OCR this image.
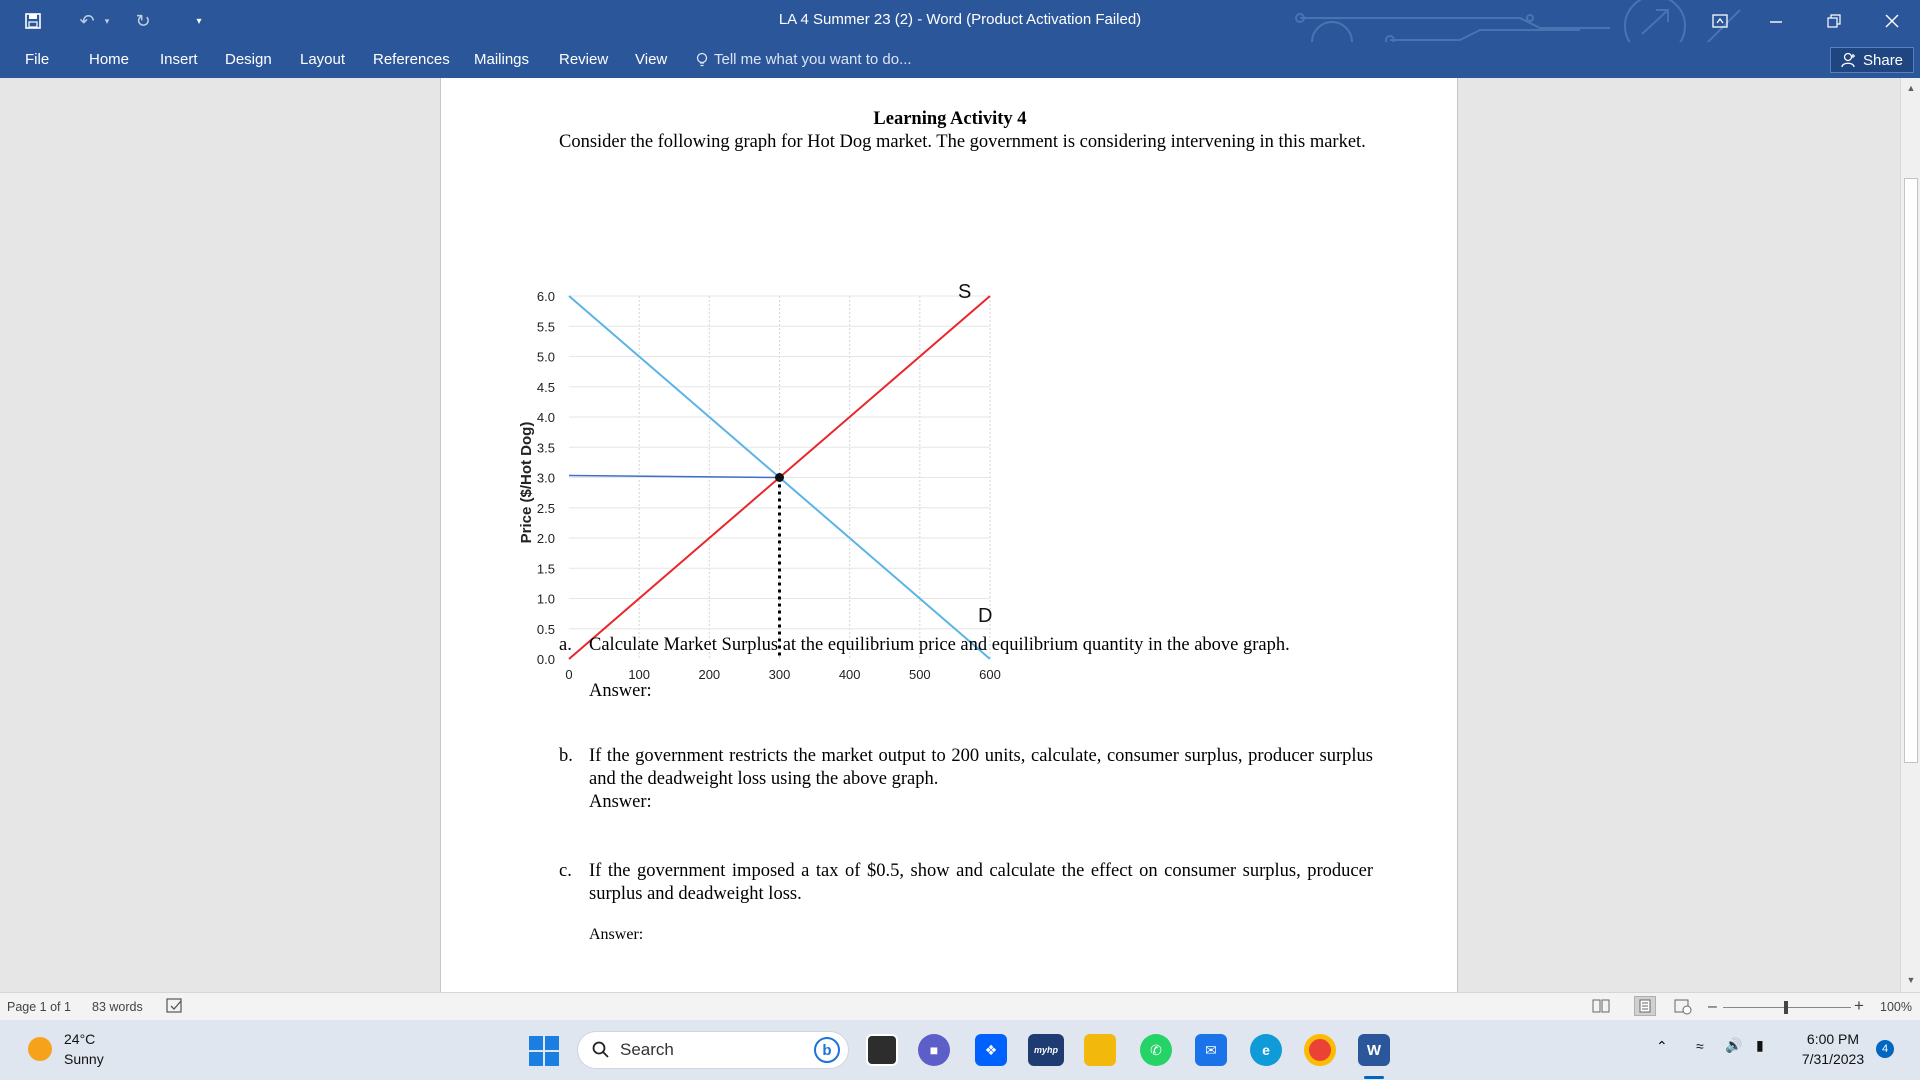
↶	▾	↻	▾	LA 4 Summer 23 (2) - Word (Product Activation Failed)
File	Home Insert Design Layout References Mailings Review View	Tell me what you want to do...	Share
Learning Activity 4
Consider the following graph for Hot Dog market. The government is considering intervening in this market.
0	100	200	300	400	500	600
6.0
5.5
5.0
4.5
4.0
3.5
3.0
2.5
2.0
1.5
1.0
0.5
0.0
Price ($/Hot Dog)
S
D
a. Calculate Market Surplus at the equilibrium price and equilibrium quantity in the above graph.
Answer:
b. If the government restricts the market output to 200 units, calculate, consumer surplus, producer surplus and the deadweight loss using the above graph.
Answer:
c. If the government imposed a tax of $0.5, show and calculate the effect on consumer surplus, producer surplus and deadweight loss.
Answer:
▲
▼
Page 1 of 1 83 words	–	+ 100%
24°C
Sunny	Search	b	■	❖	myhp	✆	✉	e	W	⌃ ≈ 🔊 ▮	6:00 PM
7/31/2023
4
